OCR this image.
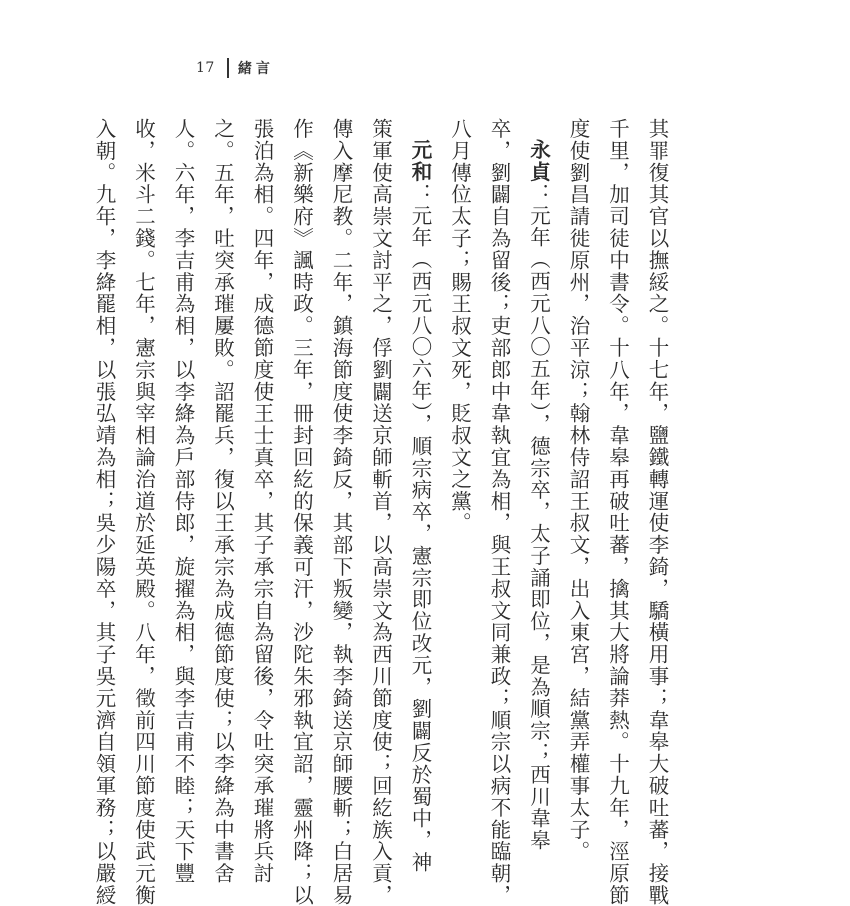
17 緒言
其罪復其官以撫綏之。十七年，鹽鐵轉運使李錡，驕橫用事；韋皋大破吐蕃，接戰
千里，加司徒中書令。十八年，韋皋再破吐蕃，擒其大將論莽熱。十九年，涇原節
度使劉昌請徙原州，治平涼；翰林侍詔王叔文，出入東宮，結黨弄權事太子。
永貞：元年（西元八〇五年），德宗卒，太子誦即位，是為順宗；西川韋皋
卒，劉闢自為留後；吏部郎中韋執宜為相，與王叔文同兼政；順宗以病不能臨朝，
八月傳位太子；賜王叔文死，貶叔文之黨。
元和：元年（西元八〇六年），順宗病卒，憲宗即位改元，劉闢反於蜀中，神
策軍使高崇文討平之，俘劉闢送京師斬首，以高崇文為西川節度使；回紇族入貢，
傳入摩尼教。二年，鎮海節度使李錡反，其部下叛變，執李錡送京師腰斬；白居易
作《新樂府》諷時政。三年，冊封回紇的保義可汗，沙陀朱邪執宜詔，靈州降；以
張泊為相。四年，成德節度使王士真卒，其子承宗自為留後，令吐突承璀將兵討
之。五年，吐突承璀屢敗。詔罷兵，復以王承宗為成德節度使；以李絳為中書舍
人。六年，李吉甫為相，以李絳為戶部侍郎，旋擢為相，與李吉甫不睦；天下豐
收，米斗二錢。七年，憲宗與宰相論治道於延英殿。八年，徵前四川節度使武元衡
入朝。九年，李絳罷相，以張弘靖為相；吳少陽卒，其子吳元濟自領軍務；以嚴綬
